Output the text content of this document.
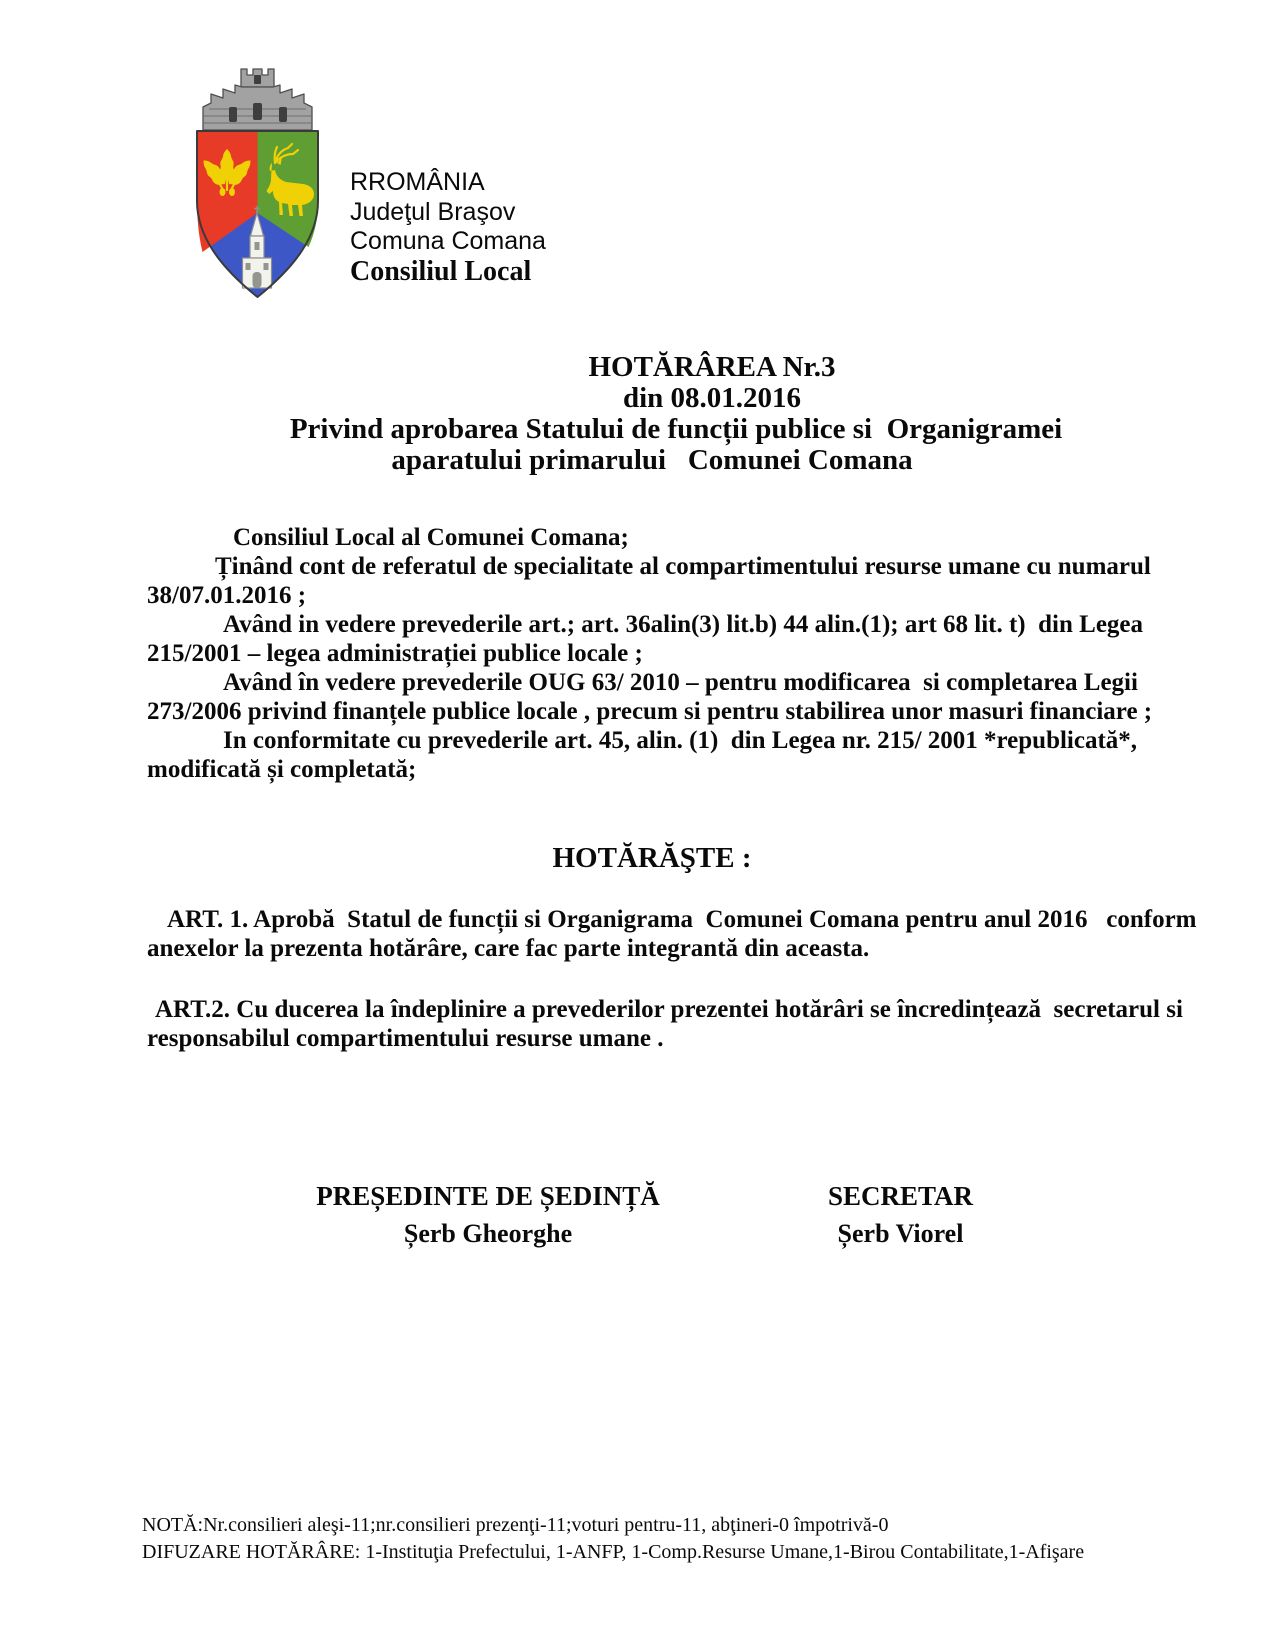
RROMÂNIA
Judeţul Braşov
Comuna Comana
Consiliul Local
HOTĂRÂREA Nr.3
din 08.01.2016
Privind aprobarea Statului de funcții publice si  Organigramei
aparatului primarului   Comunei Comana

Consiliul Local al Comunei Comana;

Ținând cont de referatul de specialitate al compartimentului resurse umane cu numarul
38/07.01.2016 ;

Având in vedere prevederile art.; art. 36alin(3) lit.b) 44 alin.(1); art 68 lit. t)  din Legea
215/2001 – legea administrației publice locale ;

Având în vedere prevederile OUG 63/ 2010 – pentru modificarea  si completarea Legii
273/2006 privind finanțele publice locale , precum si pentru stabilirea unor masuri financiare ;

In conformitate cu prevederile art. 45, alin. (1)  din Legea nr. 215/ 2001 *republicată*,
modificată și completată;

HOTĂRĂŞTE :

ART. 1. Aprobă  Statul de funcții si Organigrama  Comunei Comana pentru anul 2016   conform
anexelor la prezenta hotărâre, care fac parte integrantă din aceasta.

ART.2. Cu ducerea la îndeplinire a prevederilor prezentei hotărâri se încredințează  secretarul si
responsabilul compartimentului resurse umane .

PREȘEDINTE DE ȘEDINȚĂ
Șerb Gheorghe
SECRETAR
Șerb Viorel
NOTĂ:Nr.consilieri aleşi-11;nr.consilieri prezenţi-11;voturi pentru-11, abţineri-0 împotrivă-0
DIFUZARE HOTĂRÂRE: 1-Instituţia Prefectului, 1-ANFP, 1-Comp.Resurse Umane,1-Birou Contabilitate,1-Afişare
